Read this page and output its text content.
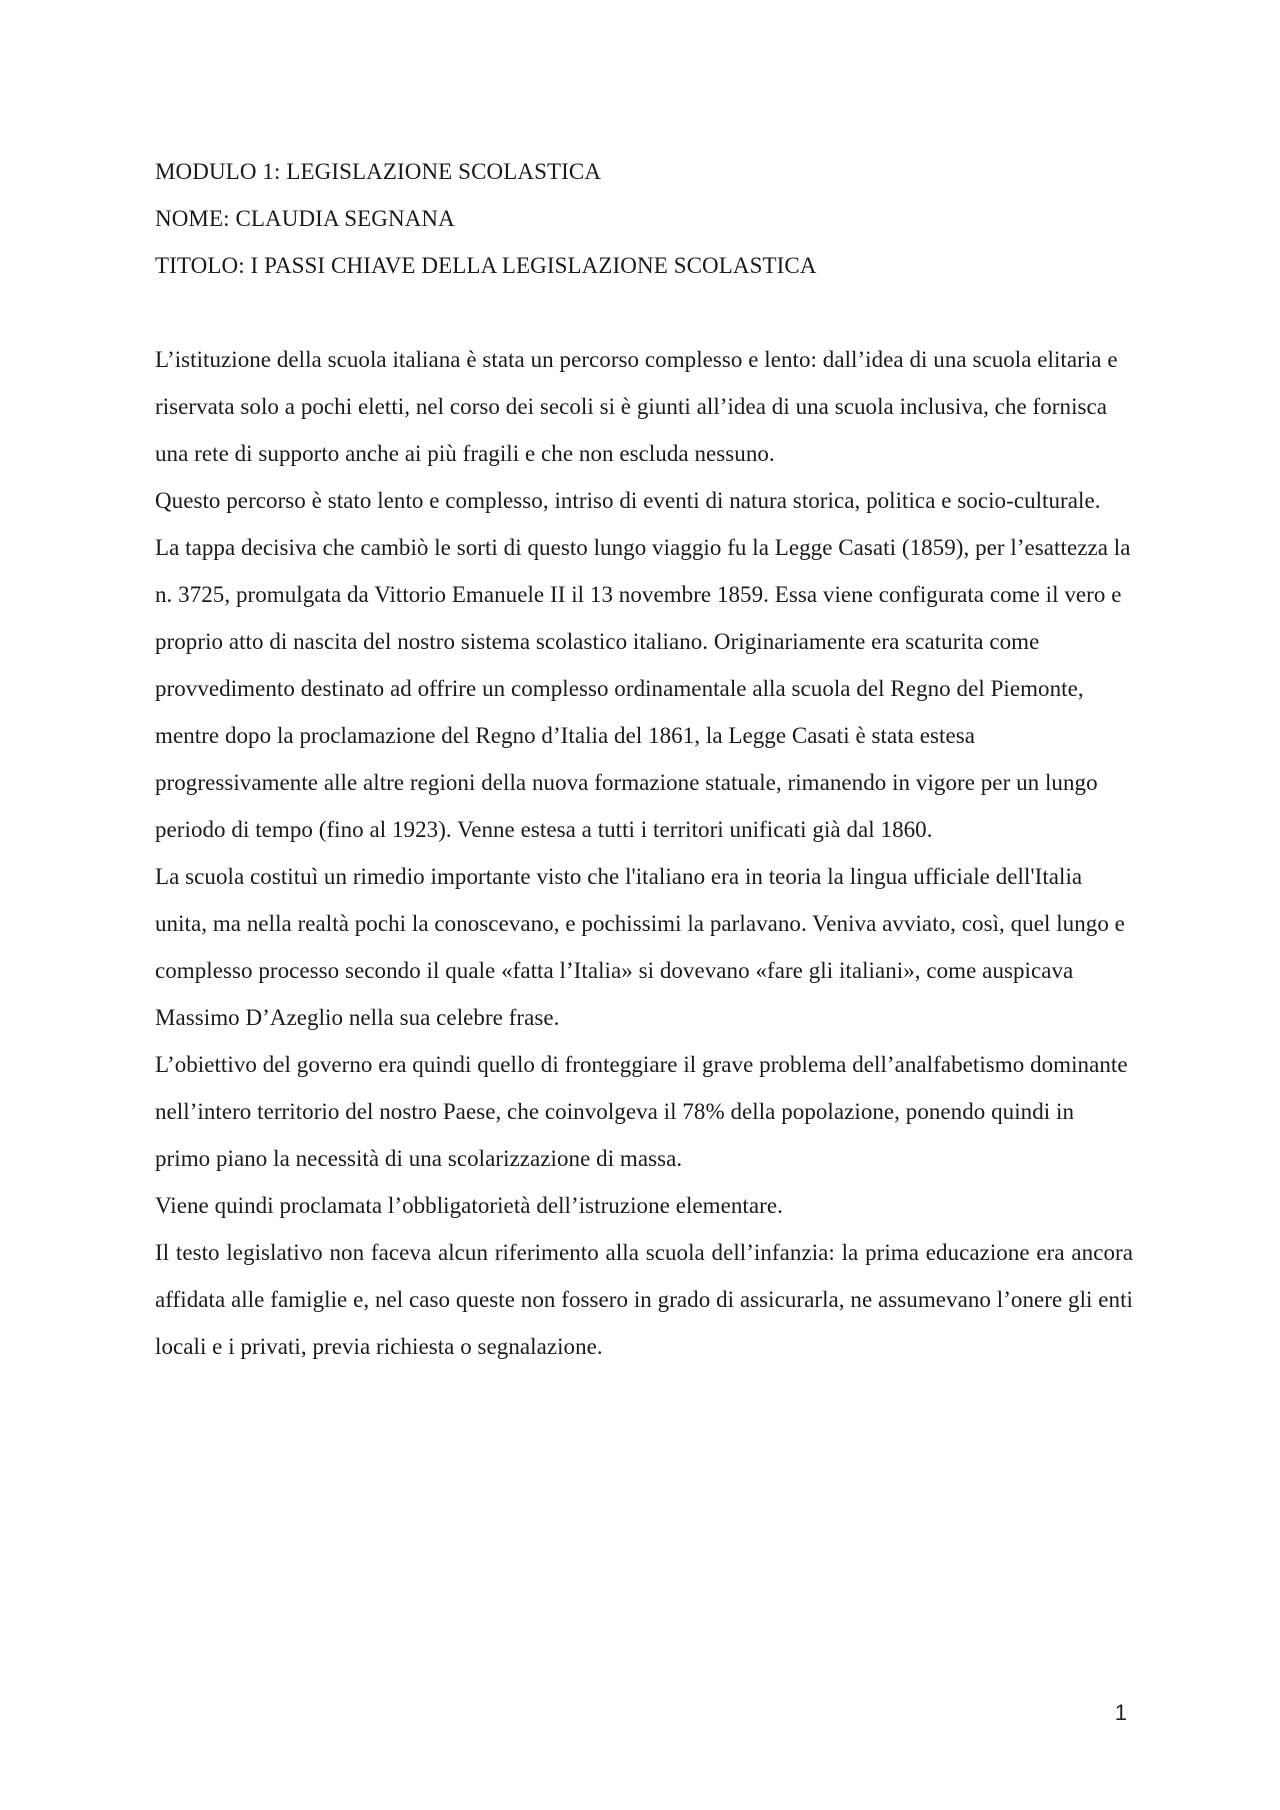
MODULO 1: LEGISLAZIONE SCOLASTICA

NOME: CLAUDIA SEGNANA

TITOLO: I PASSI CHIAVE DELLA LEGISLAZIONE SCOLASTICA

L’istituzione della scuola italiana è stata un percorso complesso e lento: dall’idea di una scuola elitaria e riservata solo a pochi eletti, nel corso dei secoli si è giunti all’idea di una scuola inclusiva, che fornisca una rete di supporto anche ai più fragili e che non escluda nessuno.

Questo percorso è stato lento e complesso, intriso di eventi di natura storica, politica e socio-culturale.

La tappa decisiva che cambiò le sorti di questo lungo viaggio fu la Legge Casati (1859), per l’esattezza la n. 3725, promulgata da Vittorio Emanuele II il 13 novembre 1859. Essa viene configurata come il vero e proprio atto di nascita del nostro sistema scolastico italiano. Originariamente era scaturita come provvedimento destinato ad offrire un complesso ordinamentale alla scuola del Regno del Piemonte, mentre dopo la proclamazione del Regno d’Italia del 1861, la Legge Casati è stata estesa progressivamente alle altre regioni della nuova formazione statuale, rimanendo in vigore per un lungo periodo di tempo (fino al 1923). Venne estesa a tutti i territori unificati già dal 1860.

La scuola costituì un rimedio importante visto che l'italiano era in teoria la lingua ufficiale dell'Italia unita, ma nella realtà pochi la conoscevano, e pochissimi la parlavano. Veniva avviato, così, quel lungo e complesso processo secondo il quale «fatta l’Italia» si dovevano «fare gli italiani», come auspicava Massimo D’Azeglio nella sua celebre frase.

L’obiettivo del governo era quindi quello di fronteggiare il grave problema dell’analfabetismo dominante nell’intero territorio del nostro Paese, che coinvolgeva il 78% della popolazione, ponendo quindi in primo piano la necessità di una scolarizzazione di massa.

Viene quindi proclamata l’obbligatorietà dell’istruzione elementare.

Il testo legislativo non faceva alcun riferimento alla scuola dell’infanzia: la prima educazione era ancora affidata alle famiglie e, nel caso queste non fossero in grado di assicurarla, ne assumevano l’onere gli enti locali e i privati, previa richiesta o segnalazione.

1
